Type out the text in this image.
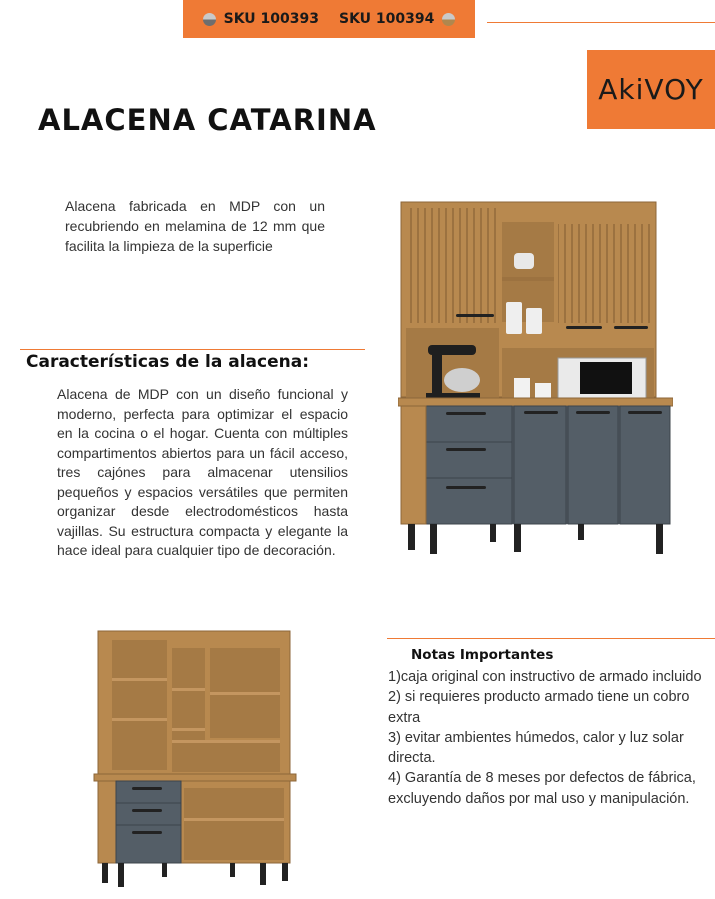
SKU 100393 SKU 100394
AkiVOY
ALACENA CATARINA

Alacena fabricada en MDP con un recubriendo en melamina de 12 mm que facilita la limpieza de la superficie

Características de la alacena:

Alacena de MDP con un diseño funcional y moderno, perfecta para optimizar el espacio en la cocina o el hogar. Cuenta con múltiples compartimentos abiertos para un fácil acceso, tres cajónes para almacenar utensilios pequeños y espacios versátiles que permiten organizar desde electrodomésticos hasta vajillas. Su estructura compacta y elegante la hace ideal para cualquier tipo de decoración.

Notas Importantes
1)caja original con instructivo de armado incluido
2) si requieres producto armado tiene un cobro extra
3) evitar ambientes húmedos, calor y luz solar directa.
4) Garantía de 8 meses por defectos de fábrica, excluyendo daños por mal uso y manipulación.
